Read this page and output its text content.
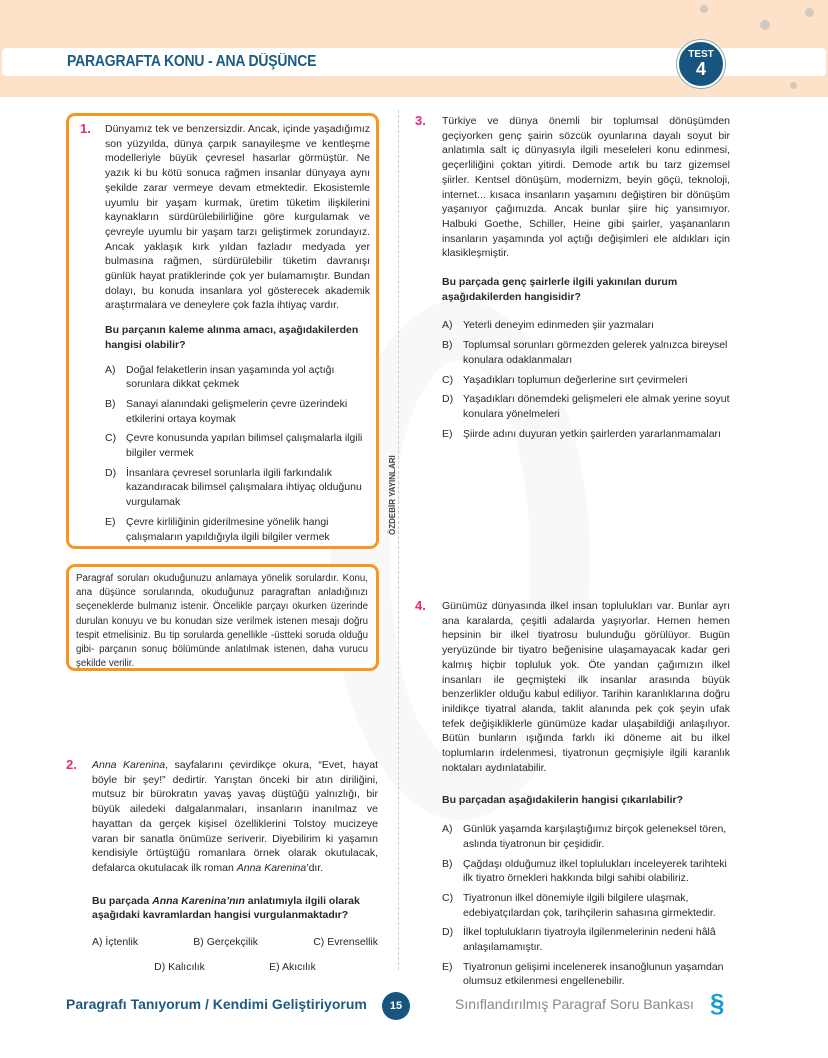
PARAGRAFTA KONU - ANA DÜŞÜNCE	TEST
4
ÖZDEBİR YAYINLARI
1. Dünyamız tek ve benzersizdir. Ancak, içinde yaşadığımız son yüzyılda, dünya çarpık sanayileşme ve kentleşme modelleriyle büyük çevresel hasarlar görmüştür. Ne yazık ki bu kötü sonuca rağmen insanlar dünyaya aynı şekilde zarar vermeye devam etmektedir. Ekosistemle uyumlu bir yaşam kurmak, üretim tüketim ilişkilerini kaynakların sürdürülebilirliğine göre kurgulamak ve çevreyle uyumlu bir yaşam tarzı geliştirmek zorundayız. Ancak yaklaşık kırk yıldan fazladır medyada yer bulmasına rağmen, sürdürülebilir tüketim davranışı günlük hayat pratiklerinde çok yer bulamamıştır. Bundan dolayı, bu konuda insanlara yol gösterecek akademik araştırmalara ve deneylere çok fazla ihtiyaç vardır.
Bu parçanın kaleme alınma amacı, aşağıdakilerden hangisi olabilir?
A)	Doğal felaketlerin insan yaşamında yol açtığı sorunlara dikkat çekmek
B)	Sanayi alanındaki gelişmelerin çevre üzerindeki etkilerini ortaya koymak
C) Çevre konusunda yapılan bilimsel çalışmalarla ilgili bilgiler vermek
D) İnsanlara çevresel sorunlarla ilgili farkındalık kazandıracak bilimsel çalışmalara ihtiyaç olduğunu vurgulamak
E)	Çevre kirliliğinin giderilmesine yönelik hangi çalışmaların yapıldığıyla ilgili bilgiler vermek
Paragraf soruları okuduğunuzu anlamaya yönelik sorulardır. Konu, ana düşünce sorularında, okuduğunuz paragraftan anladığınızı seçeneklerde bulmanız istenir. Öncelikle parçayı okurken üzerinde durulan konuyu ve bu konudan size verilmek istenen mesajı doğru tespit etmelisiniz. Bu tip sorularda genellikle -üstteki soruda olduğu gibi- parçanın sonuç bölümünde anlatılmak istenen, daha vurucu şekilde verilir.
2. Anna Karenina, sayfalarını çevirdikçe okura, “Evet, hayat böyle bir şey!” dedirtir. Yarıştan önceki bir atın diriliğini, mutsuz bir bürokratın yavaş yavaş düştüğü yalnızlığı, bir büyük ailedeki dalgalanmaları, insanların inanılmaz ve hayattan da gerçek kişisel özelliklerini Tolstoy mucizeye varan bir sanatla önümüze seriverir. Diyebilirim ki yaşamın kendisiyle örtüştüğü romanlara örnek olarak okutulacak, defalarca okutulacak ilk roman Anna Karenina’dır.
Bu parçada Anna Karenina’nın anlatımıyla ilgili olarak aşağıdaki kavramlardan hangisi vurgulanmaktadır?
A) İçtenlik	B) Gerçekçilik	C) Evrensellik
D) Kalıcılık	E) Akıcılık
3. Türkiye ve dünya önemli bir toplumsal dönüşümden geçiyorken genç şairin sözcük oyunlarına dayalı soyut bir anlatımla salt iç dünyasıyla ilgili meseleleri konu edinmesi, geçerliliğini çoktan yitirdi. Demode artık bu tarz gizemsel şiirler. Kentsel dönüşüm, modernizm, beyin göçü, teknoloji, internet... kısaca insanların yaşamını değiştiren bir dönüşüm yaşanıyor çağımızda. Ancak bunlar şiire hiç yansımıyor. Halbuki Goethe, Schiller, Heine gibi şairler, yaşananların insanların yaşamında yol açtığı değişimleri ele aldıkları için klasikleşmiştir.
Bu parçada genç şairlerle ilgili yakınılan durum aşağıdakilerden hangisidir?
A)	Yeterli deneyim edinmeden şiir yazmaları
B)	Toplumsal sorunları görmezden gelerek yalnızca bireysel konulara odaklanmaları
C) Yaşadıkları toplumun değerlerine sırt çevirmeleri
D) Yaşadıkları dönemdeki gelişmeleri ele almak yerine soyut konulara yönelmeleri
E)	Şiirde adını duyuran yetkin şairlerden yararlanmamaları
4. Günümüz dünyasında ilkel insan toplulukları var. Bunlar ayrı ana karalarda, çeşitli adalarda yaşıyorlar. Hemen hemen hepsinin bir ilkel tiyatrosu bulunduğu görülüyor. Bugün yeryüzünde bir tiyatro beğenisine ulaşamayacak kadar geri kalmış hiçbir topluluk yok. Öte yandan çağımızın ilkel insanları ile geçmişteki ilk insanlar arasında büyük benzerlikler olduğu kabul ediliyor. Tarihin karanlıklarına doğru inildikçe tiyatral alanda, taklit alanında pek çok şeyin ufak tefek değişikliklerle günümüze kadar ulaşabildiği anlaşılıyor. Bütün bunların ışığında farklı iki döneme ait bu ilkel toplumların irdelenmesi, tiyatronun geçmişiyle ilgili karanlık noktaları aydınlatabilir.
Bu parçadan aşağıdakilerin hangisi çıkarılabilir?
A)	Günlük yaşamda karşılaştığımız birçok geleneksel tören, aslında tiyatronun bir çeşididir.
B)	Çağdaşı olduğumuz ilkel toplulukları inceleyerek tarihteki ilk tiyatro örnekleri hakkında bilgi sahibi olabiliriz.
C) Tiyatronun ilkel dönemiyle ilgili bilgilere ulaşmak, edebiyatçılardan çok, tarihçilerin sahasına girmektedir.
D) İlkel toplulukların tiyatroyla ilgilenmelerinin nedeni hâlâ anlaşılamamıştır.
E)	Tiyatronun gelişimi incelenerek insanoğlunun yaşamdan olumsuz etkilenmesi engellenebilir.
Paragrafı Tanıyorum / Kendimi Geliştiriyorum	15	Sınıflandırılmış Paragraf Soru Bankası §
